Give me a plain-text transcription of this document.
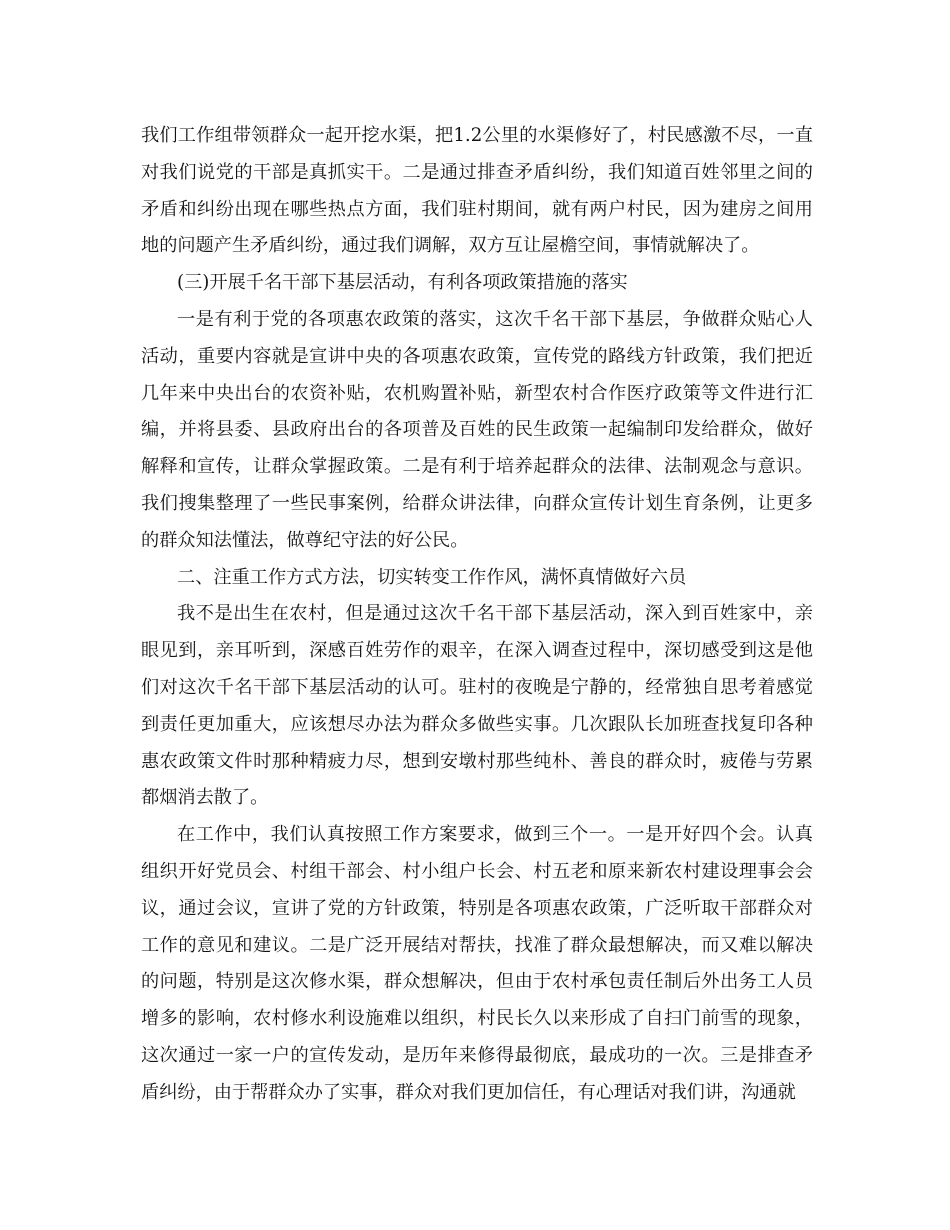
我们工作组带领群众一起开挖水渠，把1.2公里的水渠修好了，村民感激不尽，一直对我们说党的干部是真抓实干。二是通过排查矛盾纠纷，我们知道百姓邻里之间的矛盾和纠纷出现在哪些热点方面，我们驻村期间，就有两户村民，因为建房之间用地的问题产生矛盾纠纷，通过我们调解，双方互让屋檐空间，事情就解决了。

(三)开展千名干部下基层活动，有利各项政策措施的落实

一是有利于党的各项惠农政策的落实，这次千名干部下基层，争做群众贴心人活动，重要内容就是宣讲中央的各项惠农政策，宣传党的路线方针政策，我们把近几年来中央出台的农资补贴，农机购置补贴，新型农村合作医疗政策等文件进行汇编，并将县委、县政府出台的各项普及百姓的民生政策一起编制印发给群众，做好解释和宣传，让群众掌握政策。二是有利于培养起群众的法律、法制观念与意识。我们搜集整理了一些民事案例，给群众讲法律，向群众宣传计划生育条例，让更多的群众知法懂法，做尊纪守法的好公民。

二、注重工作方式方法，切实转变工作作风，满怀真情做好六员

我不是出生在农村，但是通过这次千名干部下基层活动，深入到百姓家中，亲眼见到，亲耳听到，深感百姓劳作的艰辛，在深入调查过程中，深切感受到这是他们对这次千名干部下基层活动的认可。驻村的夜晚是宁静的，经常独自思考着感觉到责任更加重大，应该想尽办法为群众多做些实事。几次跟队长加班查找复印各种惠农政策文件时那种精疲力尽，想到安墩村那些纯朴、善良的群众时，疲倦与劳累都烟消去散了。

在工作中，我们认真按照工作方案要求，做到三个一。一是开好四个会。认真组织开好党员会、村组干部会、村小组户长会、村五老和原来新农村建设理事会会议，通过会议，宣讲了党的方针政策，特别是各项惠农政策，广泛听取干部群众对工作的意见和建议。二是广泛开展结对帮扶，找准了群众最想解决，而又难以解决的问题，特别是这次修水渠，群众想解决，但由于农村承包责任制后外出务工人员增多的影响，农村修水利设施难以组织，村民长久以来形成了自扫门前雪的现象，这次通过一家一户的宣传发动，是历年来修得最彻底，最成功的一次。三是排查矛盾纠纷，由于帮群众办了实事，群众对我们更加信任，有心理话对我们讲，沟通就
